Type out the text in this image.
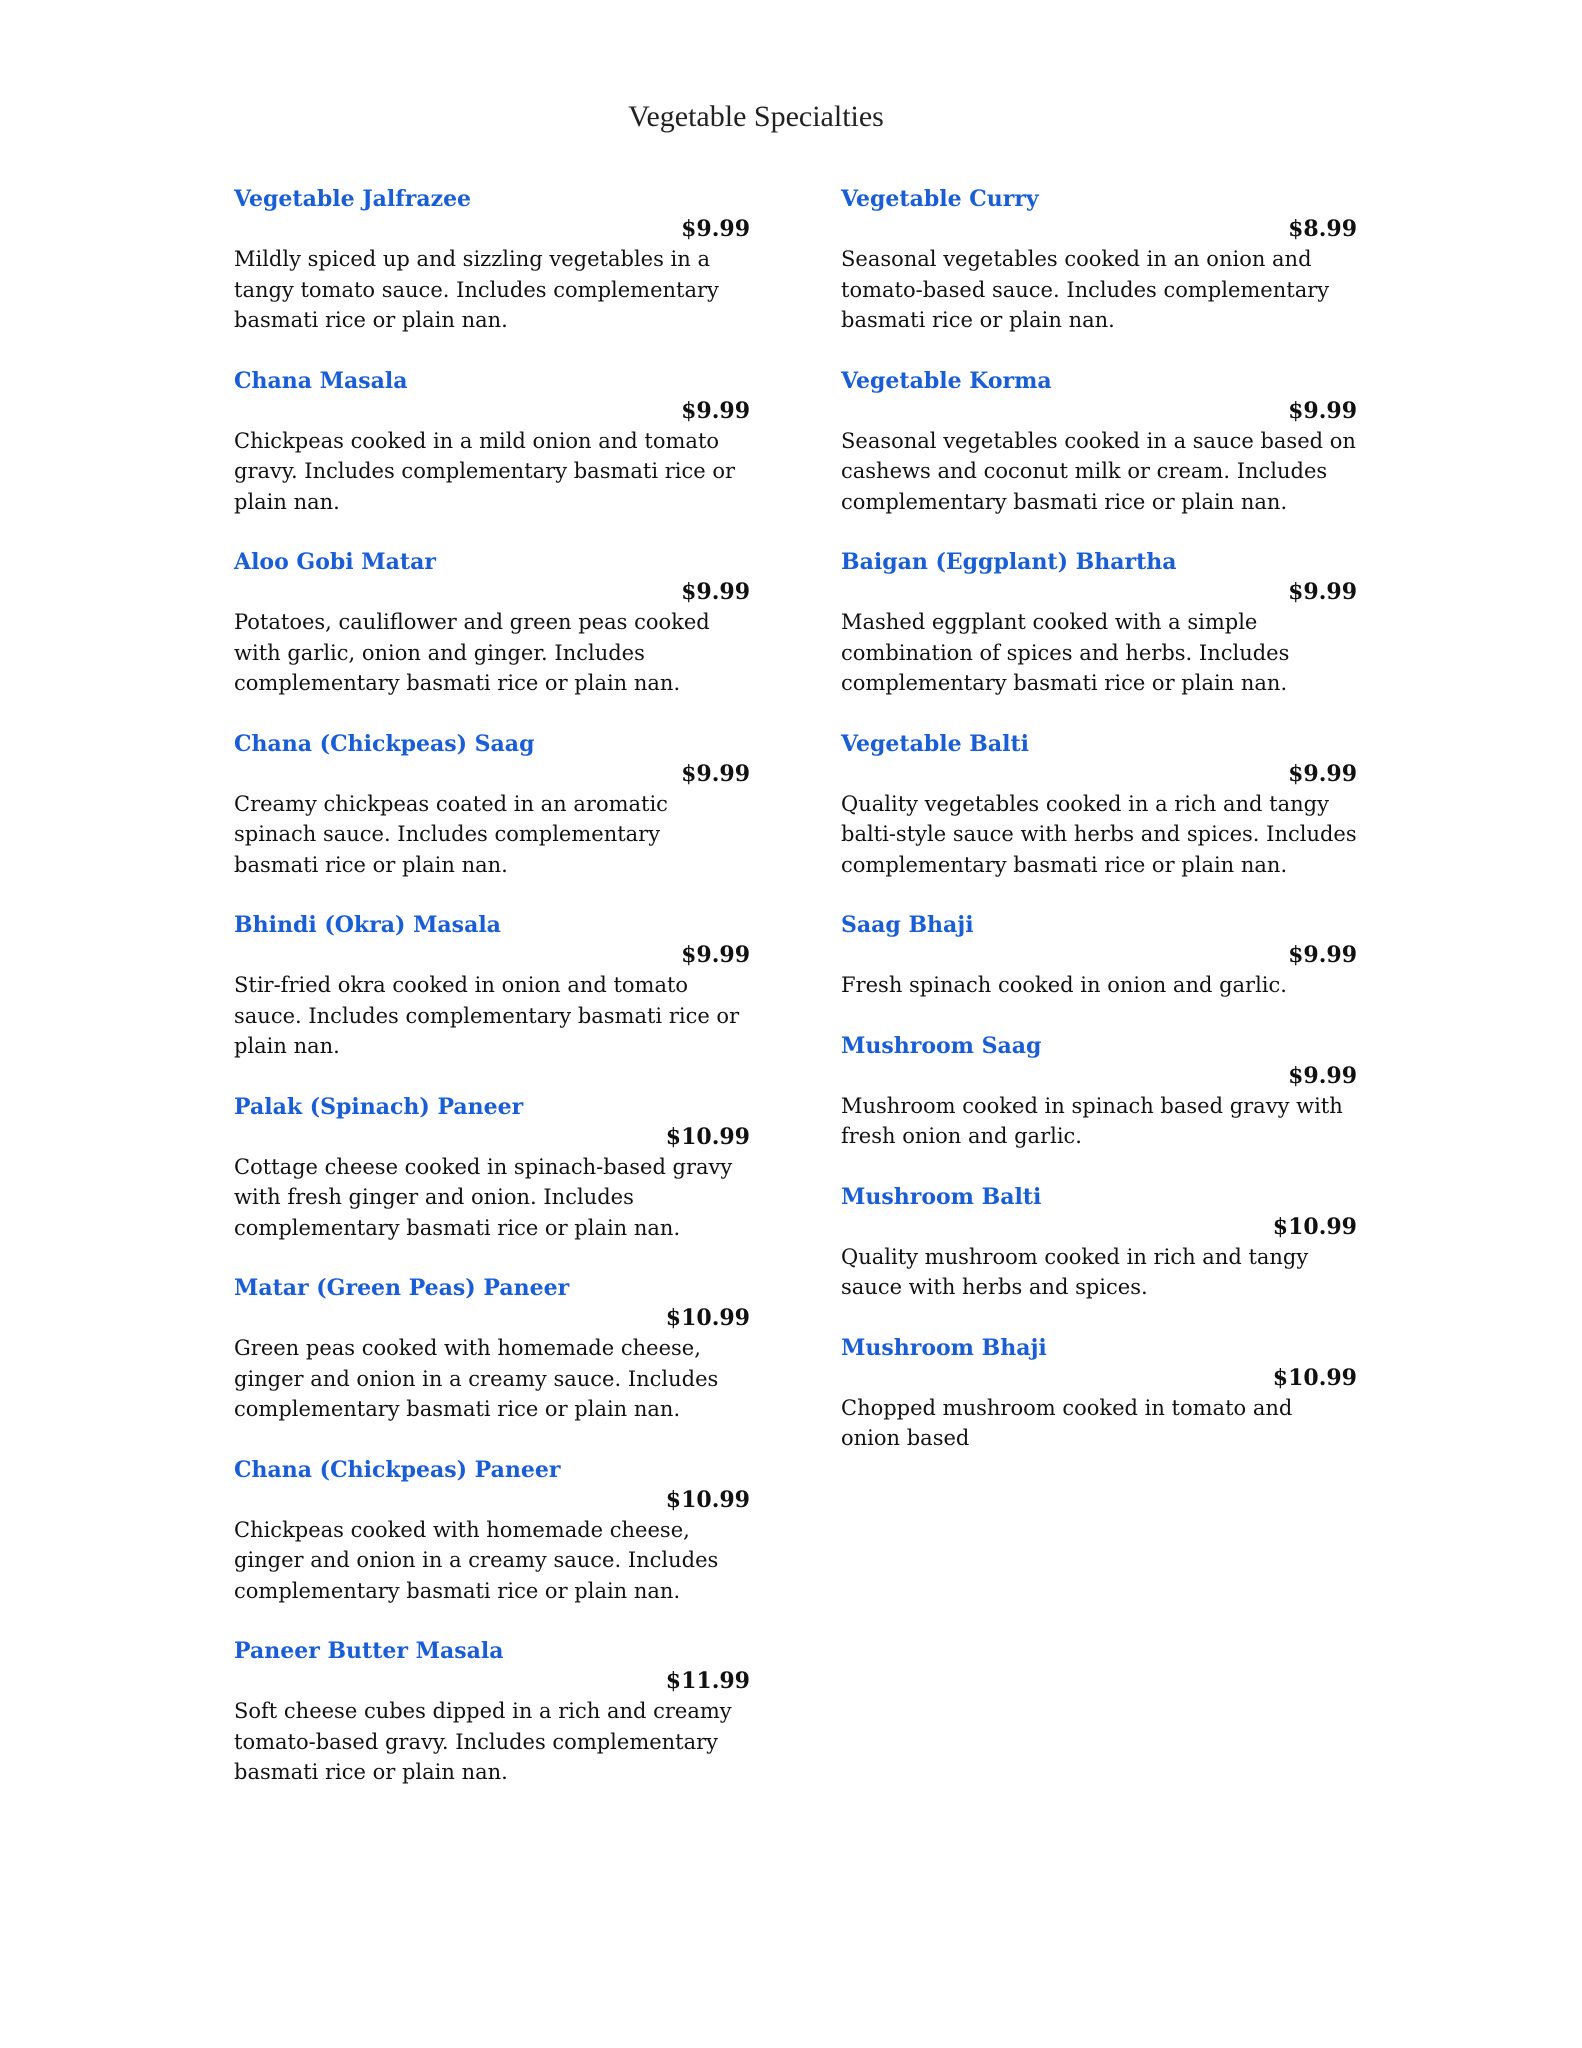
Vegetable Specialties

Vegetable Jalfrazee

$9.99

Mildly spiced up and sizzling vegetables in a tangy tomato sauce. Includes complementary basmati rice or plain nan.

Chana Masala

$9.99

Chickpeas cooked in a mild onion and tomato gravy. Includes complementary basmati rice or plain nan.

Aloo Gobi Matar

$9.99

Potatoes, cauliflower and green peas cooked with garlic, onion and ginger. Includes complementary basmati rice or plain nan.

Chana (Chickpeas) Saag

$9.99

Creamy chickpeas coated in an aromatic spinach sauce. Includes complementary basmati rice or plain nan.

Bhindi (Okra) Masala

$9.99

Stir-fried okra cooked in onion and tomato sauce. Includes complementary basmati rice or plain nan.

Palak (Spinach) Paneer

$10.99

Cottage cheese cooked in spinach-based gravy with fresh ginger and onion. Includes complementary basmati rice or plain nan.

Matar (Green Peas) Paneer

$10.99

Green peas cooked with homemade cheese, ginger and onion in a creamy sauce. Includes complementary basmati rice or plain nan.

Chana (Chickpeas) Paneer

$10.99

Chickpeas cooked with homemade cheese, ginger and onion in a creamy sauce. Includes complementary basmati rice or plain nan.

Paneer Butter Masala

$11.99

Soft cheese cubes dipped in a rich and creamy tomato-based gravy. Includes complementary basmati rice or plain nan.

Vegetable Curry

$8.99

Seasonal vegetables cooked in an onion and tomato-based sauce. Includes complementary basmati rice or plain nan.

Vegetable Korma

$9.99

Seasonal vegetables cooked in a sauce based on cashews and coconut milk or cream. Includes complementary basmati rice or plain nan.

Baigan (Eggplant) Bhartha

$9.99

Mashed eggplant cooked with a simple combination of spices and herbs. Includes complementary basmati rice or plain nan.

Vegetable Balti

$9.99

Quality vegetables cooked in a rich and tangy balti-style sauce with herbs and spices. Includes complementary basmati rice or plain nan.

Saag Bhaji

$9.99

Fresh spinach cooked in onion and garlic.

Mushroom Saag

$9.99

Mushroom cooked in spinach based gravy with fresh onion and garlic.

Mushroom Balti

$10.99

Quality mushroom cooked in rich and tangy sauce with herbs and spices.

Mushroom Bhaji

$10.99

Chopped mushroom cooked in tomato and onion based
